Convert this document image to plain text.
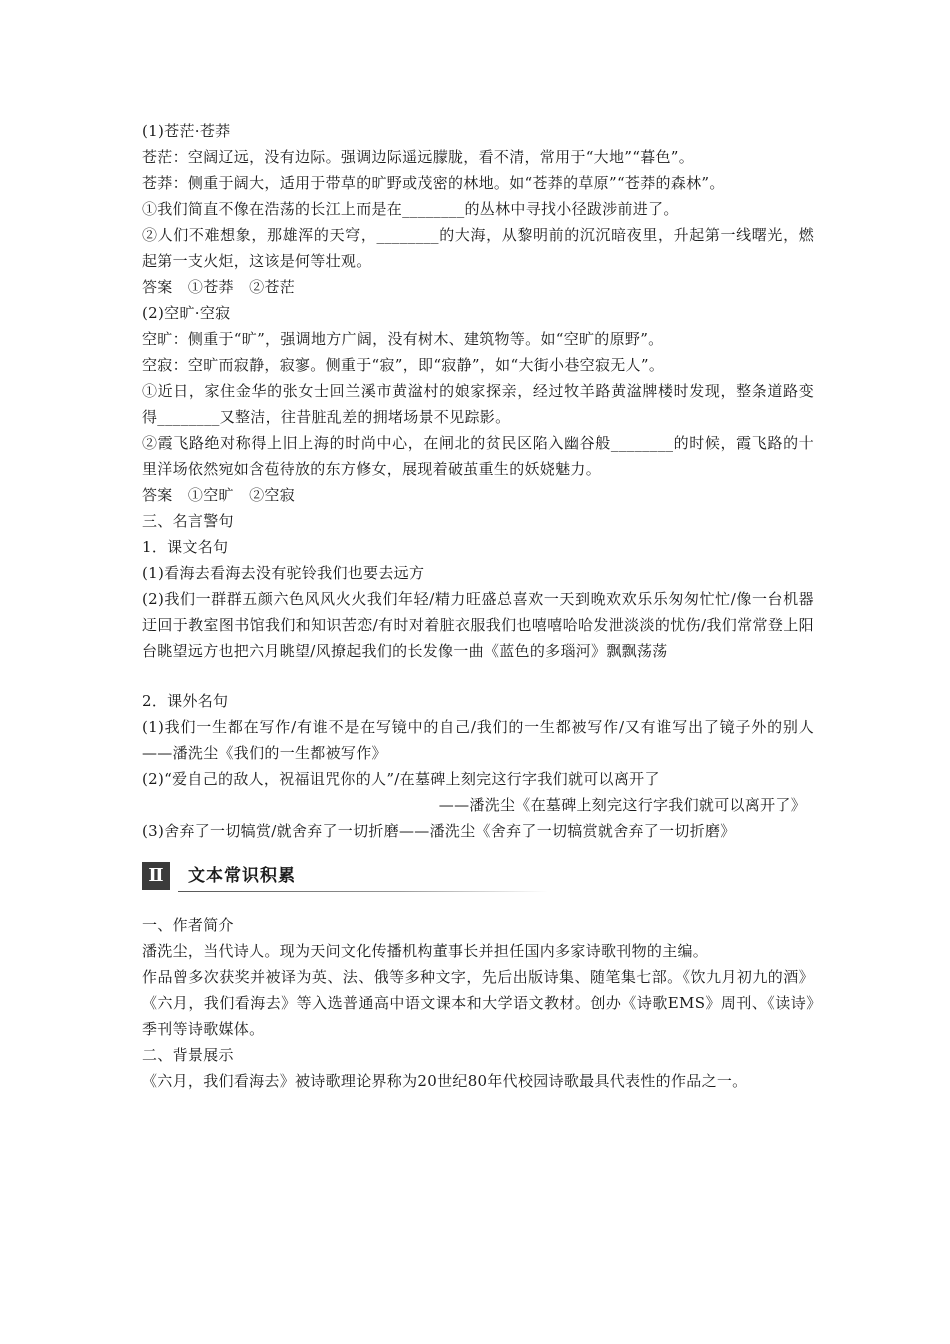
(1)苍茫·苍莽
苍茫：空阔辽远，没有边际。强调边际遥远朦胧，看不清，常用于“大地”“暮色”。
苍莽：侧重于阔大，适用于带草的旷野或茂密的林地。如“苍莽的草原”“苍莽的森林”。
①我们简直不像在浩荡的长江上而是在________的丛林中寻找小径跋涉前进了。
②人们不难想象，那雄浑的天穹，________的大海，从黎明前的沉沉暗夜里，升起第一线曙光，燃起第一支火炬，这该是何等壮观。
答案　①苍莽　②苍茫
(2)空旷·空寂
空旷：侧重于“旷”，强调地方广阔，没有树木、建筑物等。如“空旷的原野”。
空寂：空旷而寂静，寂寥。侧重于“寂”，即“寂静”，如“大街小巷空寂无人”。
①近日，家住金华的张女士回兰溪市黄湓村的娘家探亲，经过牧羊路黄湓牌楼时发现，整条道路变得________又整洁，往昔脏乱差的拥堵场景不见踪影。
②霞飞路绝对称得上旧上海的时尚中心，在闸北的贫民区陷入幽谷般________的时候，霞飞路的十里洋场依然宛如含苞待放的东方修女，展现着破茧重生的妖娆魅力。
答案　①空旷　②空寂
三、名言警句
1．课文名句
(1)看海去看海去没有驼铃我们也要去远方
(2)我们一群群五颜六色风风火火我们年轻/精力旺盛总喜欢一天到晚欢欢乐乐匆匆忙忙/像一台机器迂回于教室图书馆我们和知识苦恋/有时对着脏衣服我们也嘻嘻哈哈发泄淡淡的忧伤/我们常常登上阳台眺望远方也把六月眺望/风撩起我们的长发像一曲《蓝色的多瑙河》飘飘荡荡
2．课外名句
(1)我们一生都在写作/有谁不是在写镜中的自己/我们的一生都被写作/又有谁写出了镜子外的别人——潘洗尘《我们的一生都被写作》
(2)“爱自己的敌人，祝福诅咒你的人”/在墓碑上刻完这行字我们就可以离开了
——潘洗尘《在墓碑上刻完这行字我们就可以离开了》
(3)舍弃了一切犒赏/就舍弃了一切折磨——潘洗尘《舍弃了一切犒赏就舍弃了一切折磨》
Ⅱ	文本常识积累
一、作者简介
潘洗尘，当代诗人。现为天问文化传播机构董事长并担任国内多家诗歌刊物的主编。
作品曾多次获奖并被译为英、法、俄等多种文字，先后出版诗集、随笔集七部。《饮九月初九的酒》《六月，我们看海去》等入选普通高中语文课本和大学语文教材。创办《诗歌EMS》周刊、《读诗》季刊等诗歌媒体。
二、背景展示
《六月，我们看海去》被诗歌理论界称为20世纪80年代校园诗歌最具代表性的作品之一。
